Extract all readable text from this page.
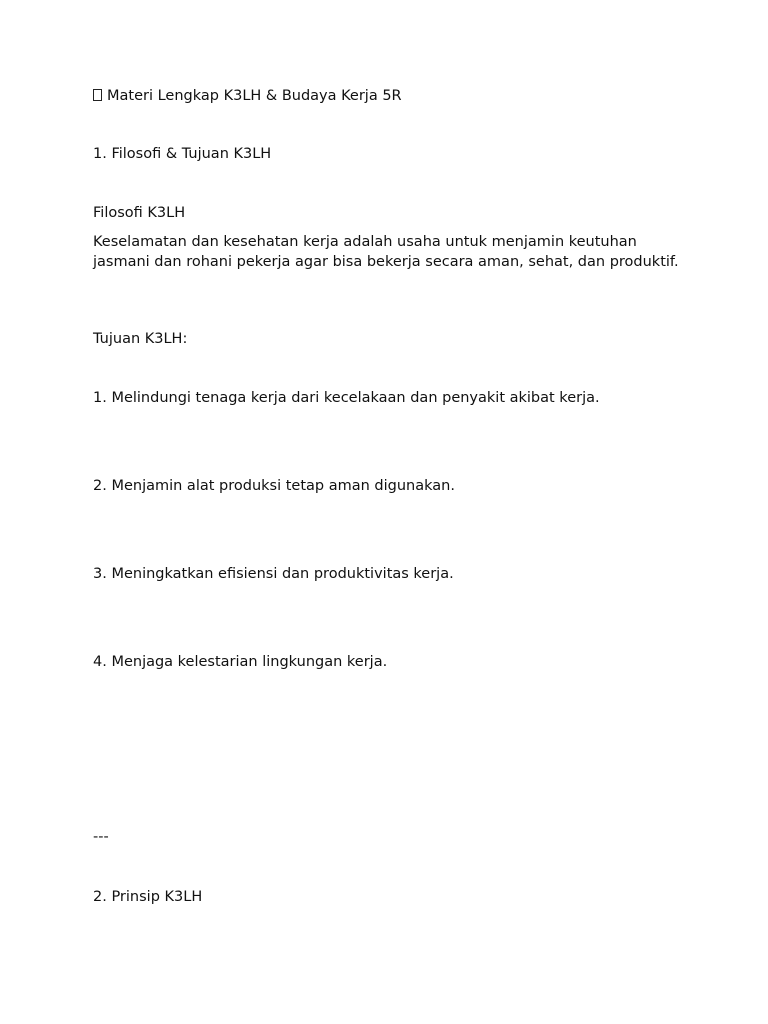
Materi Lengkap K3LH & Budaya Kerja 5R
1. Filosofi & Tujuan K3LH
Filosofi K3LH
Keselamatan dan kesehatan kerja adalah usaha untuk menjamin keutuhan jasmani dan rohani pekerja agar bisa bekerja secara aman, sehat, dan produktif.
Tujuan K3LH:
1. Melindungi tenaga kerja dari kecelakaan dan penyakit akibat kerja.
2. Menjamin alat produksi tetap aman digunakan.
3. Meningkatkan efisiensi dan produktivitas kerja.
4. Menjaga kelestarian lingkungan kerja.
---
2. Prinsip K3LH
